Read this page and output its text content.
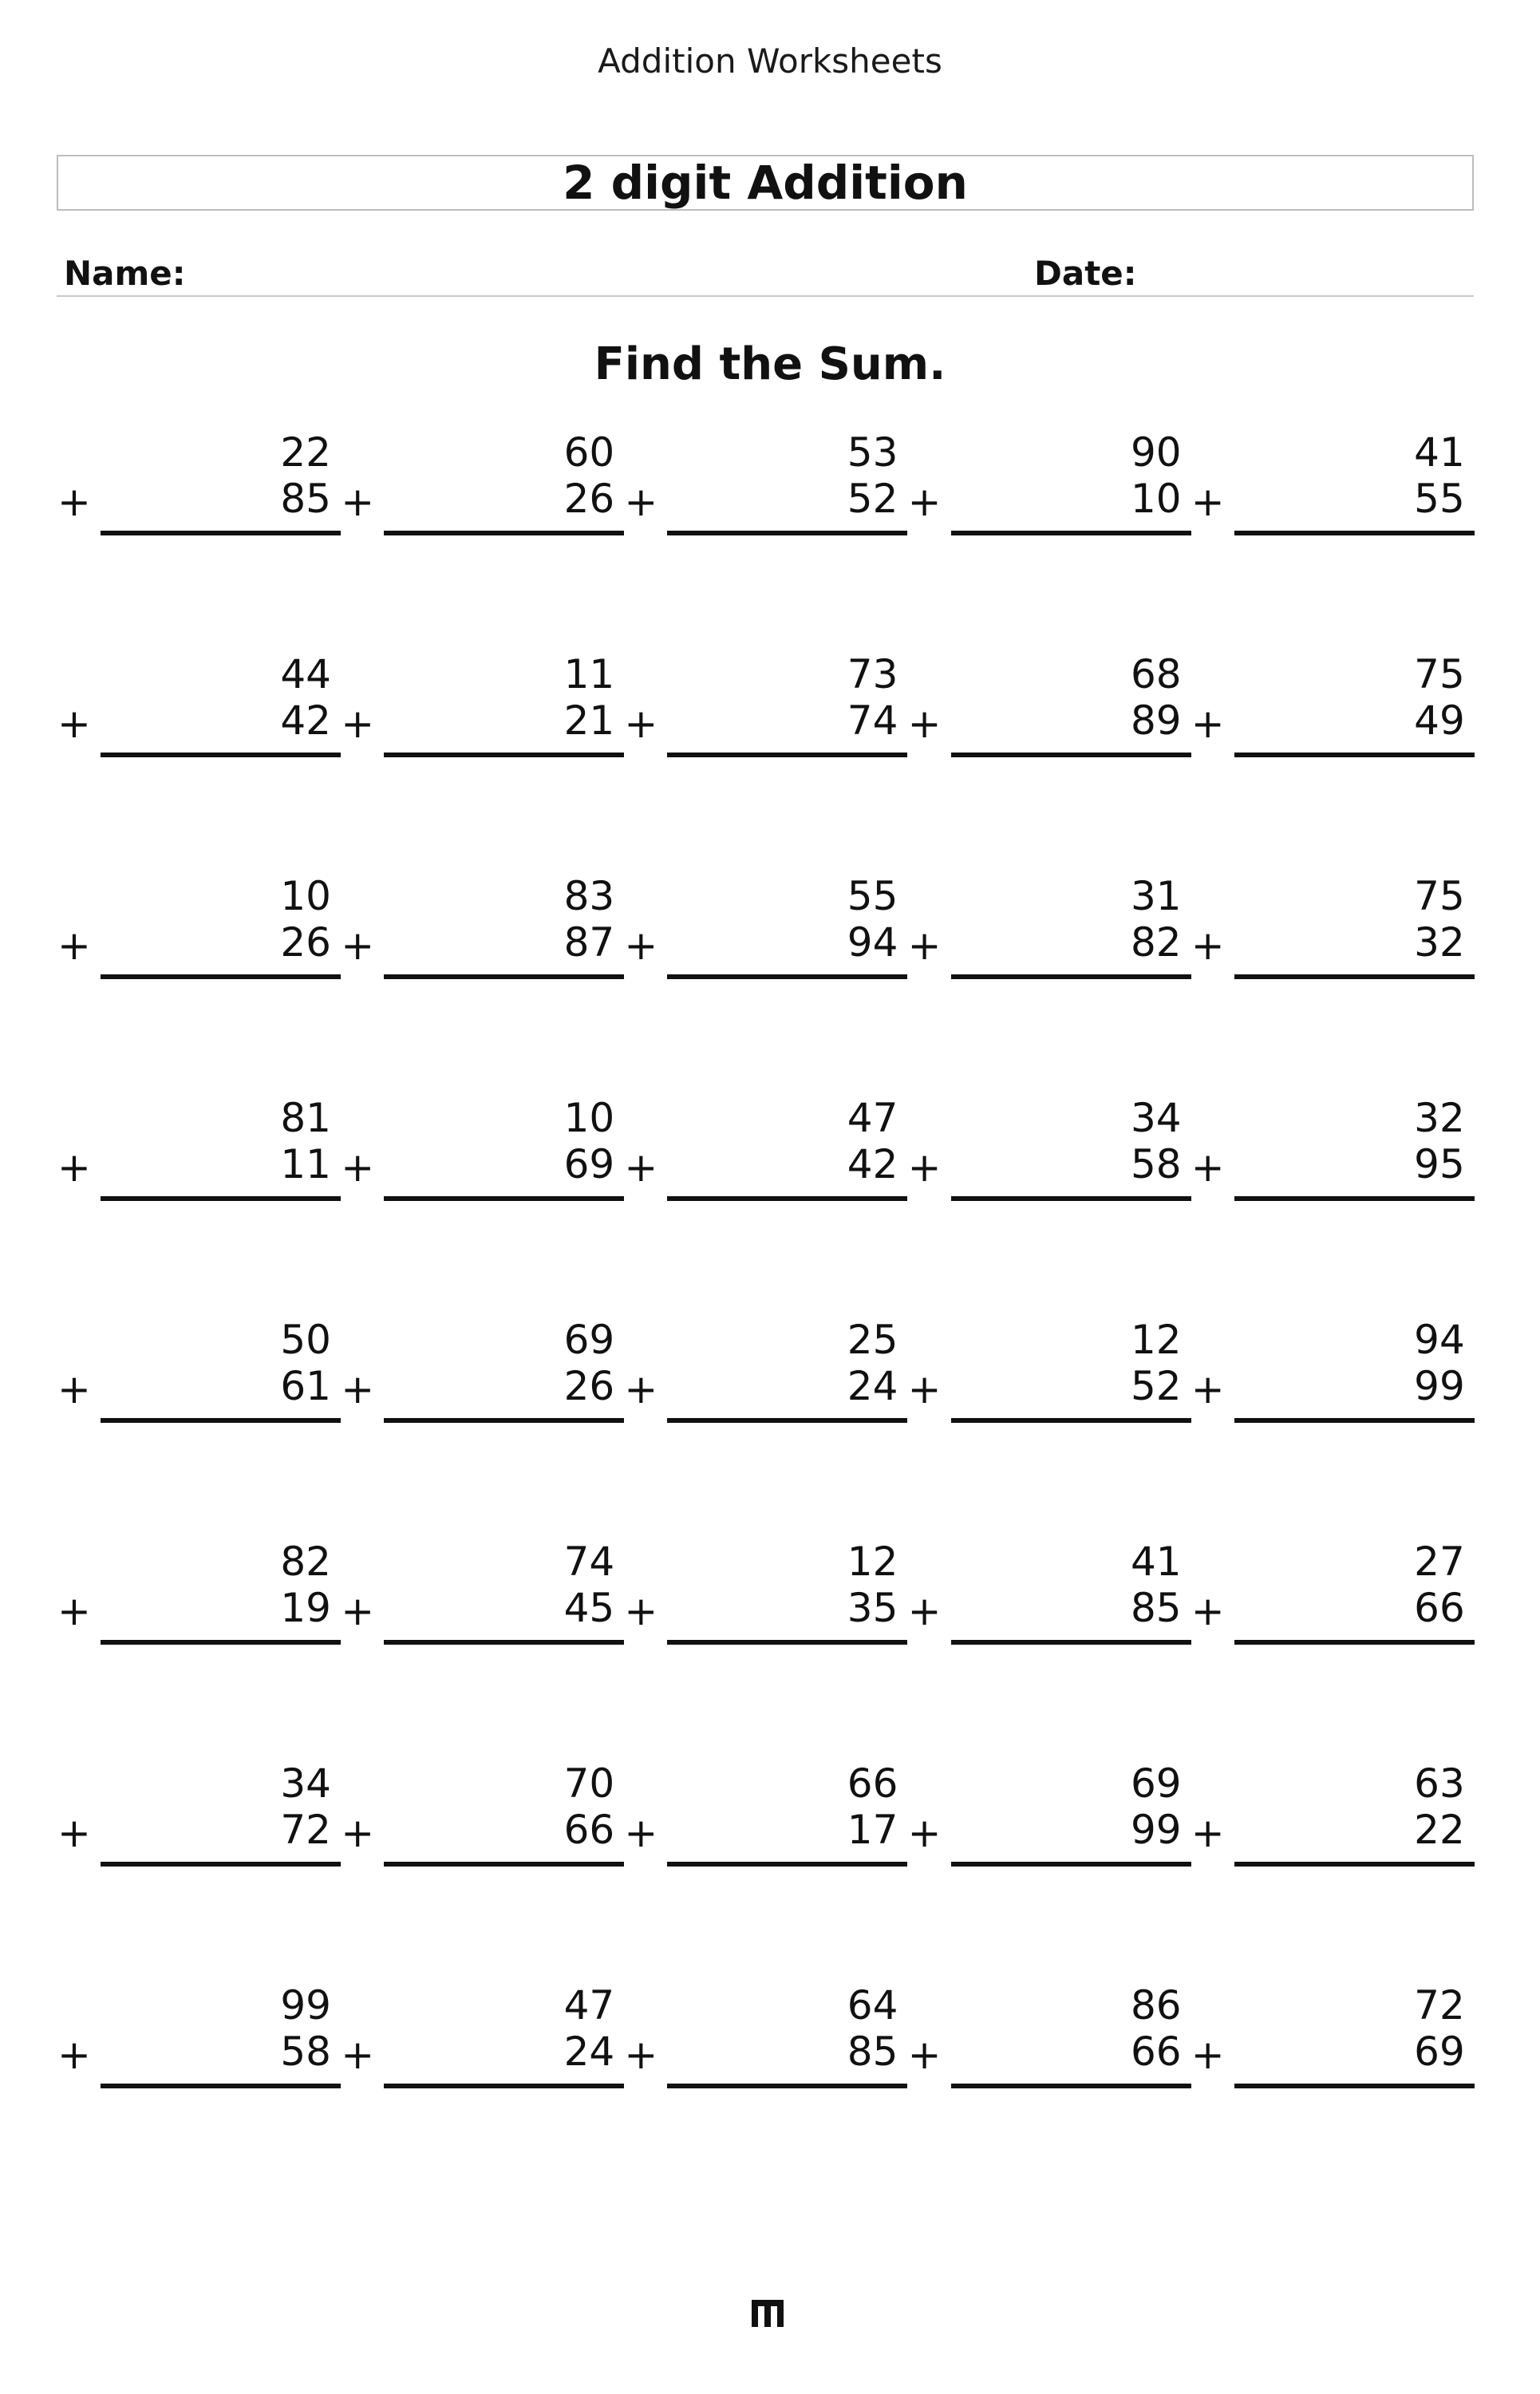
Addition Worksheets
2 digit Addition
Name:	Date:
Find the Sum.
22
+	85
60
+	26
53
+	52
90
+	10
41
+	55
44
+	42
11
+	21
73
+	74
68
+	89
75
+	49
10
+	26
83
+	87
55
+	94
31
+	82
75
+	32
81
+	11
10
+	69
47
+	42
34
+	58
32
+	95
50
+	61
69
+	26
25
+	24
12
+	52
94
+	99
82
+	19
74
+	45
12
+	35
41
+	85
27
+	66
34
+	72
70
+	66
66
+	17
69
+	99
63
+	22
99
+	58
47
+	24
64
+	85
86
+	66
72
+	69
